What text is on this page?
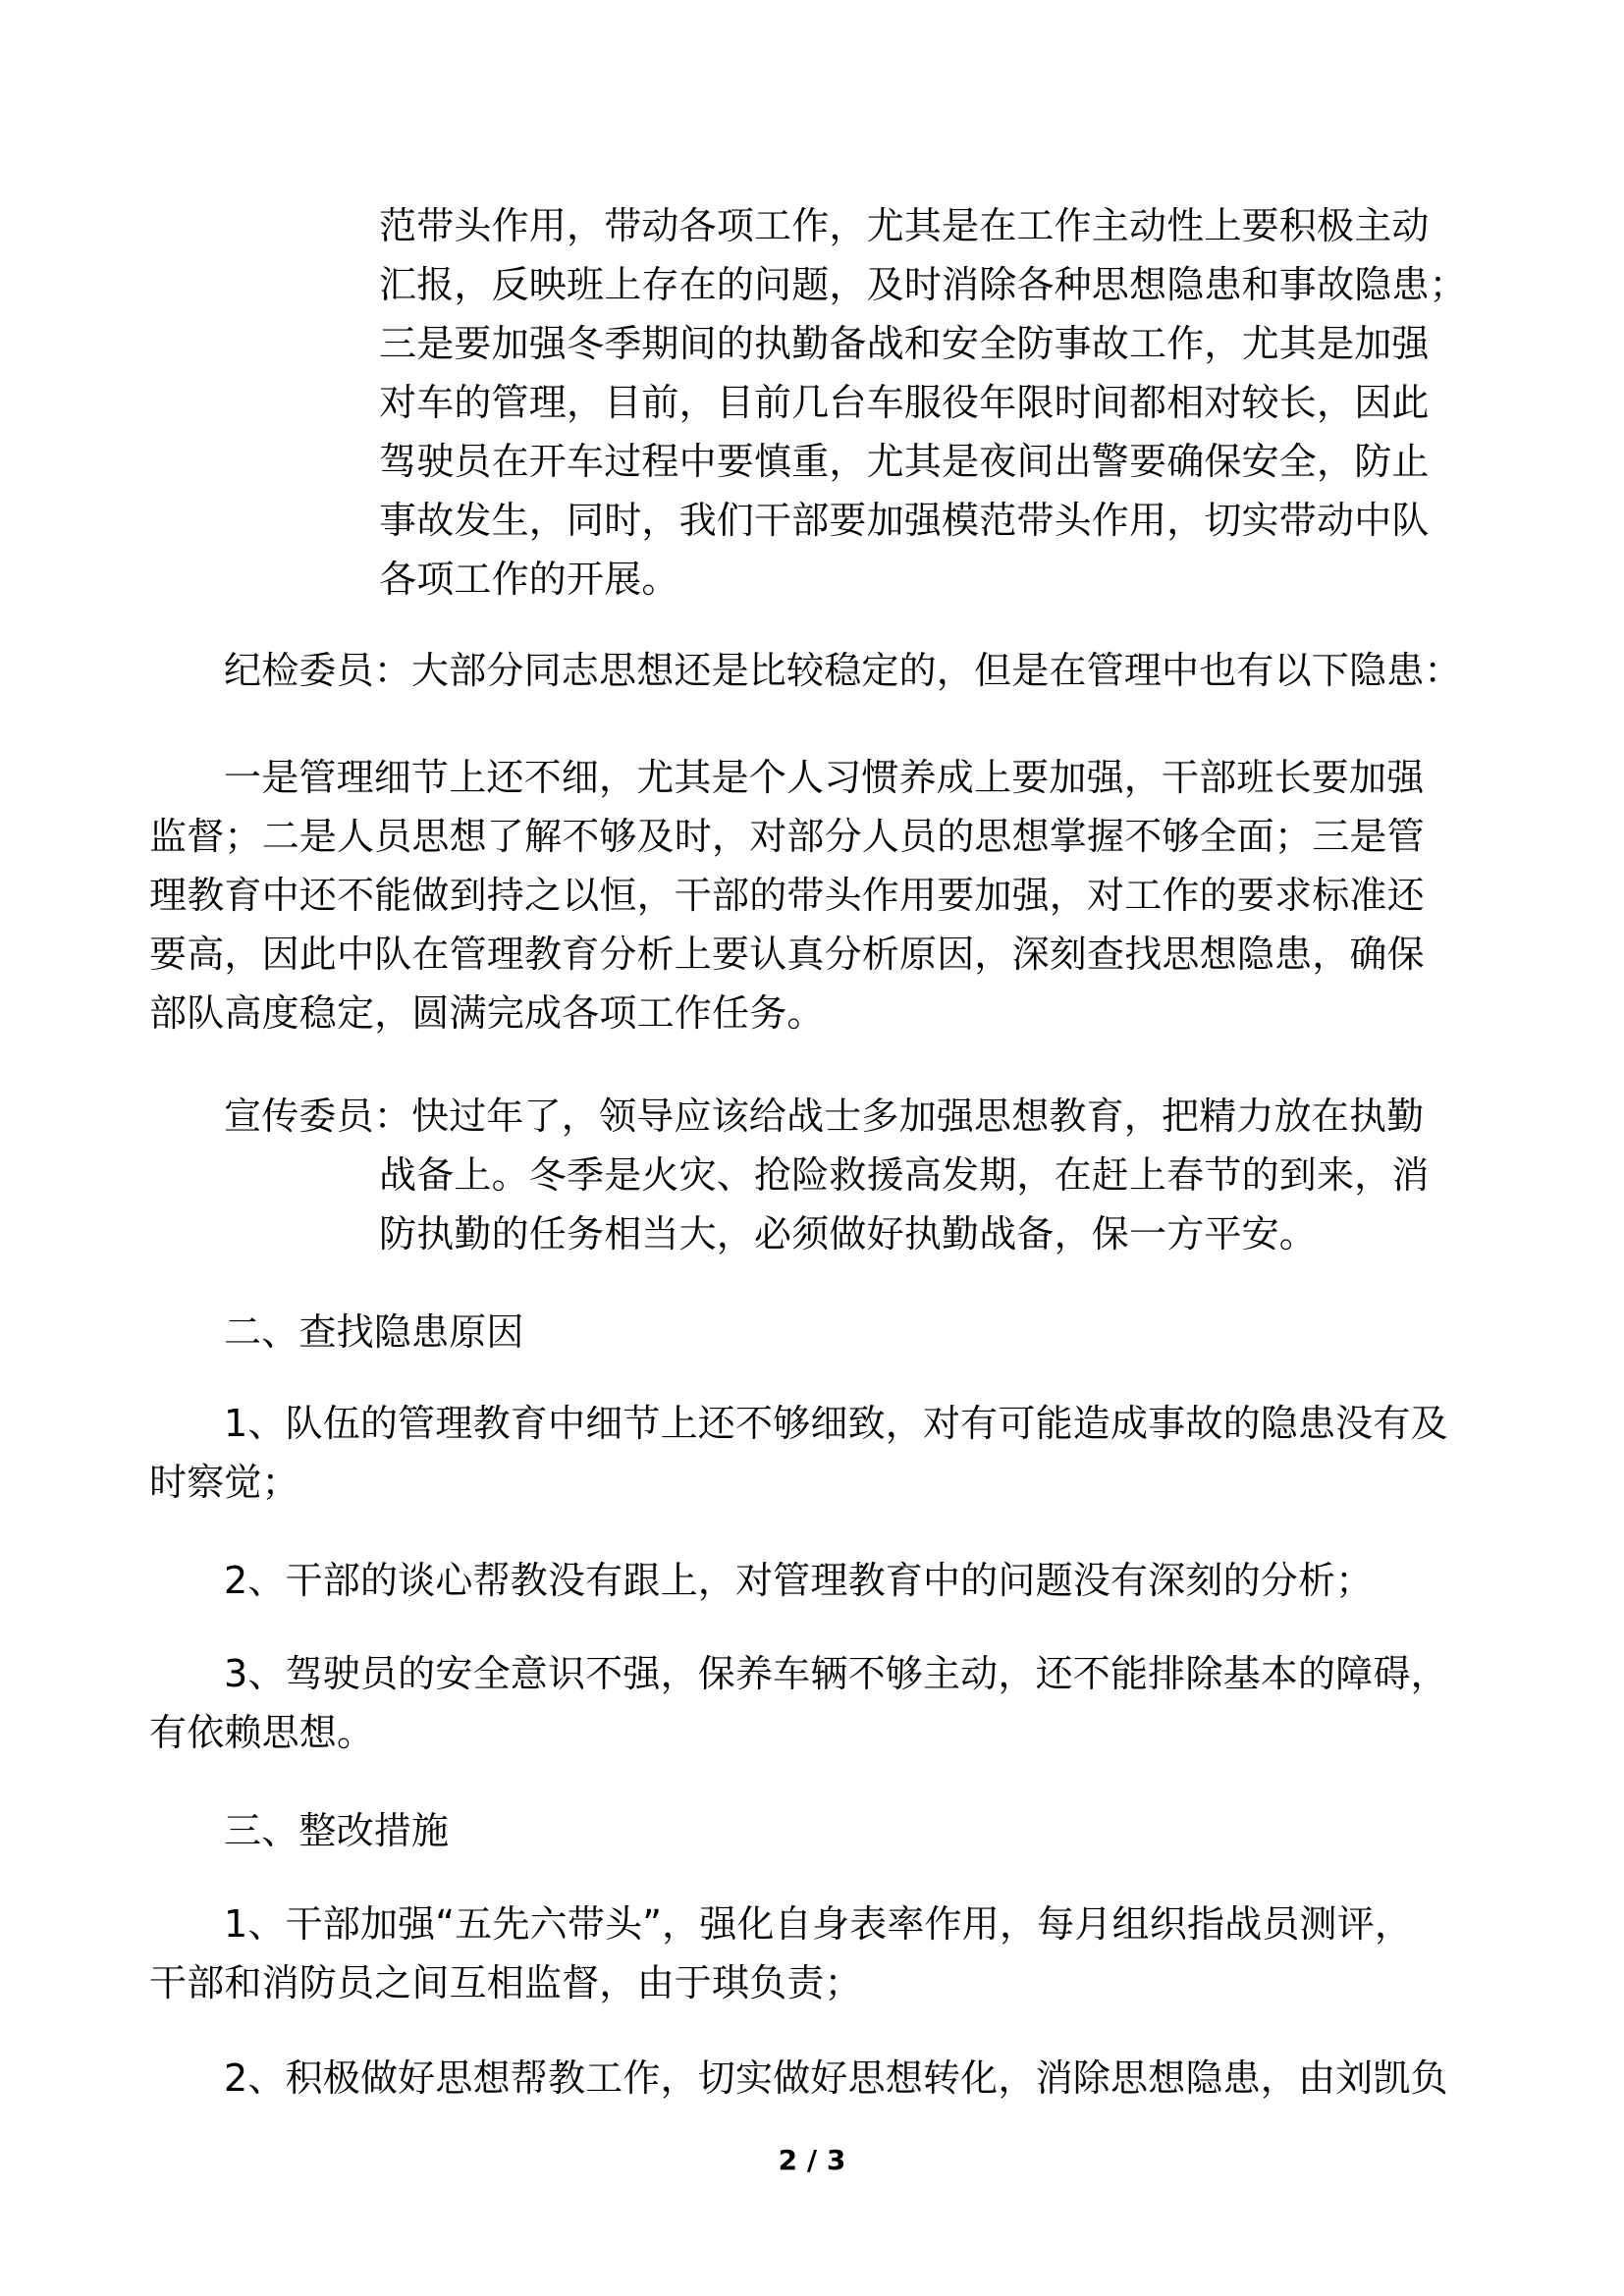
范带头作用，带动各项工作，尤其是在工作主动性上要积极主动
汇报，反映班上存在的问题，及时消除各种思想隐患和事故隐患；
三是要加强冬季期间的执勤备战和安全防事故工作，尤其是加强
对车的管理，目前，目前几台车服役年限时间都相对较长，因此
驾驶员在开车过程中要慎重，尤其是夜间出警要确保安全，防止
事故发生，同时，我们干部要加强模范带头作用，切实带动中队
各项工作的开展。
纪检委员：大部分同志思想还是比较稳定的，但是在管理中也有以下隐患：
一是管理细节上还不细，尤其是个人习惯养成上要加强，干部班长要加强
监督；二是人员思想了解不够及时，对部分人员的思想掌握不够全面；三是管
理教育中还不能做到持之以恒，干部的带头作用要加强，对工作的要求标准还
要高，因此中队在管理教育分析上要认真分析原因，深刻查找思想隐患，确保
部队高度稳定，圆满完成各项工作任务。
宣传委员：快过年了，领导应该给战士多加强思想教育，把精力放在执勤
战备上。冬季是火灾、抢险救援高发期，在赶上春节的到来，消
防执勤的任务相当大，必须做好执勤战备，保一方平安。
二、查找隐患原因
1、队伍的管理教育中细节上还不够细致，对有可能造成事故的隐患没有及
时察觉；
2、干部的谈心帮教没有跟上，对管理教育中的问题没有深刻的分析；
3、驾驶员的安全意识不强，保养车辆不够主动，还不能排除基本的障碍，
有依赖思想。
三、整改措施
1、干部加强“五先六带头”，强化自身表率作用，每月组织指战员测评，
干部和消防员之间互相监督，由于琪负责；
2、积极做好思想帮教工作，切实做好思想转化，消除思想隐患，由刘凯负
2 / 3
